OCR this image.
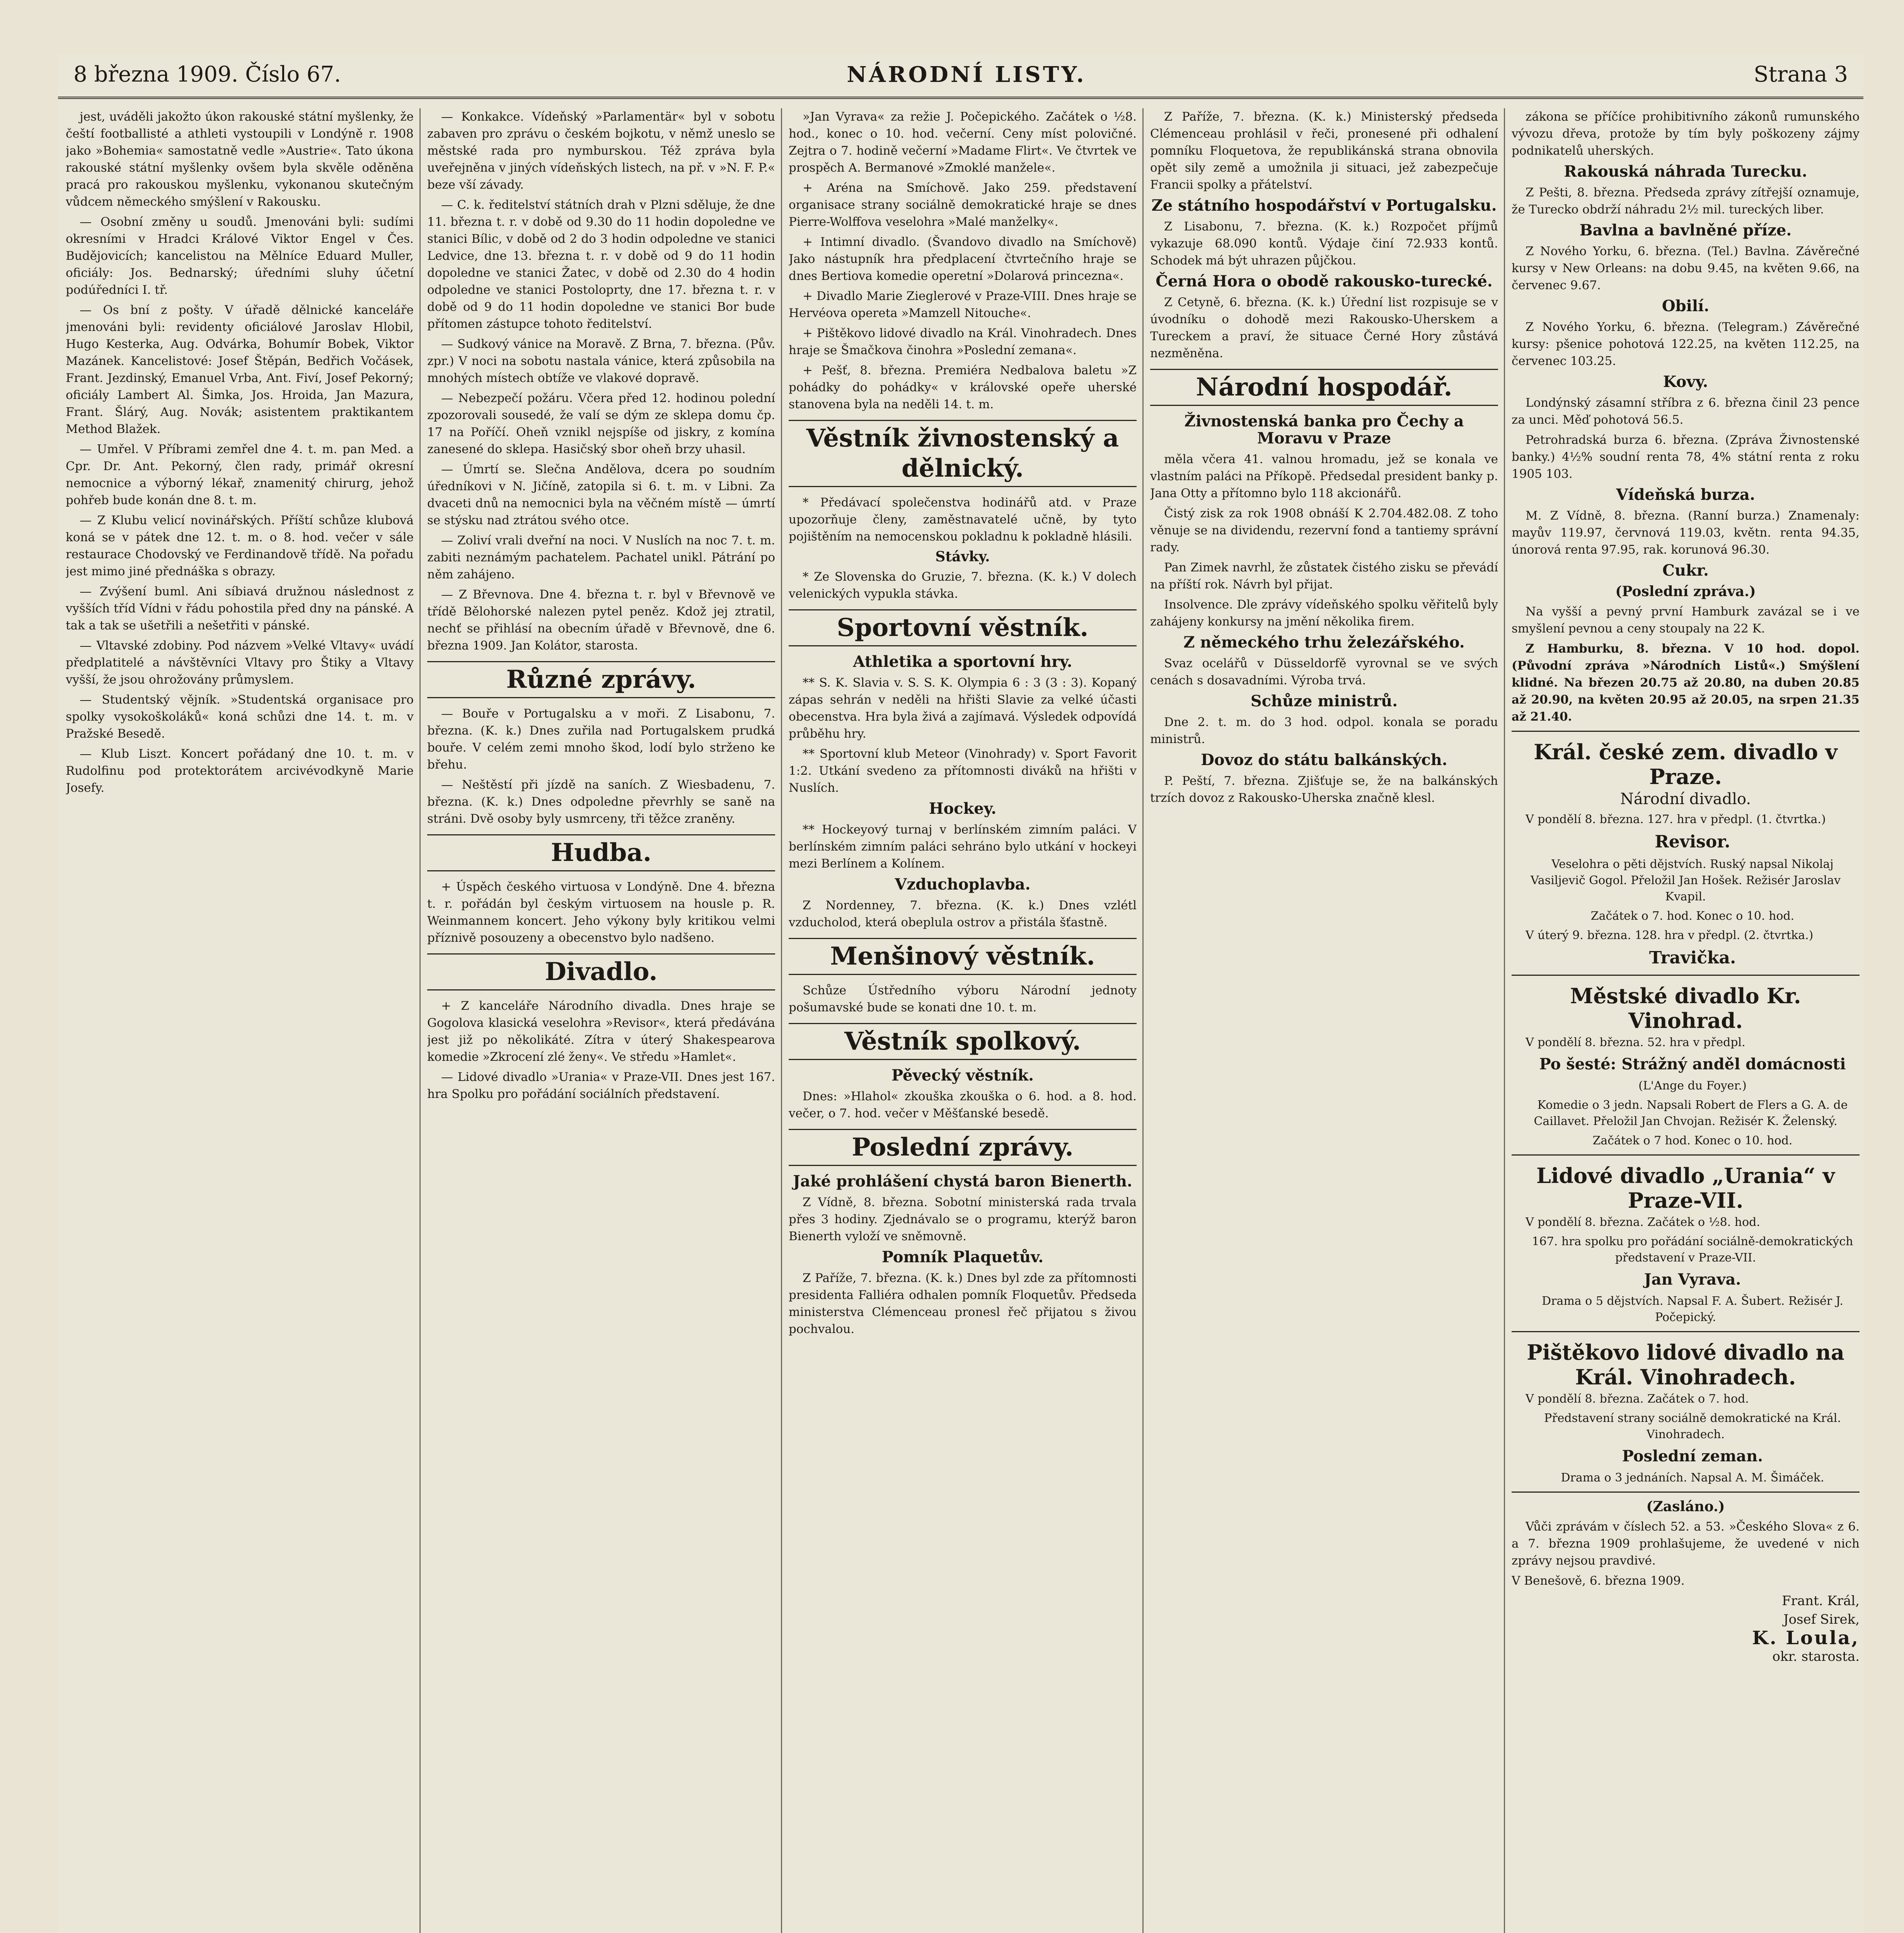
8 března 1909. Číslo 67.	NÁRODNÍ LISTY.	Strana 3

jest, uváděli jakožto úkon rakouské státní myšlenky, že čeští footballisté a athleti vystoupili v Londýně r. 1908 jako »Bohemia« samostatně vedle »Austrie«. Tato úkona rakouské státní myšlenky ovšem byla skvěle oděněna pracá pro rakouskou myšlenku, vykonanou skutečným vůdcem německého smýšlení v Rakousku.

— Osobní změny u soudů. Jmenováni byli: sudími okresními v Hradci Králové Viktor Engel v Čes. Budějovicích; kancelistou na Mělníce Eduard Muller, oficiály: Jos. Bednarský; úředními sluhy účetní podúředníci I. tř.

— Os bní z pošty. V úřadě dělnické kanceláře jmenováni byli: revidenty oficiálové Jaroslav Hlobil, Hugo Kesterka, Aug. Odvárka, Bohumír Bobek, Viktor Mazánek. Kancelistové: Josef Štěpán, Bedřich Vočásek, Frant. Jezdinský, Emanuel Vrba, Ant. Fiví, Josef Pekorný; oficiály Lambert Al. Šimka, Jos. Hroida, Jan Mazura, Frant. Šlárý, Aug. Novák; asistentem praktikantem Method Blažek.

— Umřel. V Příbrami zemřel dne 4. t. m. pan Med. a Cpr. Dr. Ant. Pekorný, člen rady, primář okresní nemocnice a výborný lékař, znamenitý chirurg, jehož pohřeb bude konán dne 8. t. m.

— Z Klubu velicí novinářských. Příští schůze klubová koná se v pátek dne 12. t. m. o 8. hod. večer v sále restaurace Chodovský ve Ferdinandově třídě. Na pořadu jest mimo jiné přednáška s obrazy.

— Zvýšení buml. Ani síbiavá družnou následnost z vyšších tříd Vídni v řádu pohostila před dny na pánské. A tak a tak se ušetřili a nešetřiti v pánské.

— Vltavské zdobiny. Pod názvem »Velké Vltavy« uvádí předplatitelé a návštěvníci Vltavy pro Štiky a Vltavy vyšší, že jsou ohrožovány průmyslem.

— Studentský vějník. »Studentská organisace pro spolky vysokoškoláků« koná schůzi dne 14. t. m. v Pražské Besedě.

— Klub Liszt. Koncert pořádaný dne 10. t. m. v Rudolfinu pod protektorátem arcivévodkyně Marie Josefy.

— Konkakce. Vídeňský »Parlamentär« byl v sobotu zabaven pro zprávu o českém bojkotu, v němž uneslo se městské rada pro nymburskou. Též zpráva byla uveřejněna v jiných vídeňských listech, na př. v »N. F. P.« beze vší závady.

— C. k. ředitelství státních drah v Plzni sděluje, že dne 11. března t. r. v době od 9.30 do 11 hodin dopoledne ve stanici Bílic, v době od 2 do 3 hodin odpoledne ve stanici Ledvice, dne 13. března t. r. v době od 9 do 11 hodin dopoledne ve stanici Žatec, v době od 2.30 do 4 hodin odpoledne ve stanici Postoloprty, dne 17. března t. r. v době od 9 do 11 hodin dopoledne ve stanici Bor bude přítomen zástupce tohoto ředitelství.

— Sudkový vánice na Moravě. Z Brna, 7. března. (Pův. zpr.) V noci na sobotu nastala vánice, která způsobila na mnohých místech obtíže ve vlakové dopravě.

— Nebezpečí požáru. Včera před 12. hodinou polední zpozorovali sousedé, že valí se dým ze sklepa domu čp. 17 na Poříčí. Oheň vznikl nejspíše od jiskry, z komína zanesené do sklepa. Hasičský sbor oheň brzy uhasil.

— Úmrtí se. Slečna Andělova, dcera po soudním úředníkovi v N. Jičíně, zatopila si 6. t. m. v Libni. Za dvaceti dnů na nemocnici byla na věčném místě — úmrtí se stýsku nad ztrátou svého otce.

— Zoliví vrali dveřní na noci. V Nuslích na noc 7. t. m. zabiti neznámým pachatelem. Pachatel unikl. Pátrání po něm zahájeno.

— Z Břevnova. Dne 4. března t. r. byl v Břevnově ve třídě Bělohorské nalezen pytel peněz. Kdož jej ztratil, nechť se přihlásí na obecním úřadě v Břevnově, dne 6. března 1909. Jan Kolátor, starosta.

Různé zprávy.

— Bouře v Portugalsku a v moři. Z Lisabonu, 7. března. (K. k.) Dnes zuřila nad Portugalskem prudká bouře. V celém zemi mnoho škod, lodí bylo strženo ke břehu.

— Neštěstí při jízdě na saních. Z Wiesbadenu, 7. března. (K. k.) Dnes odpoledne převrhly se saně na stráni. Dvě osoby byly usmrceny, tři těžce zraněny.

Hudba.

+ Úspěch českého virtuosa v Londýně. Dne 4. března t. r. pořádán byl českým virtuosem na housle p. R. Weinmannem koncert. Jeho výkony byly kritikou velmi příznivě posouzeny a obecenstvo bylo nadšeno.

Divadlo.

+ Z kanceláře Národního divadla. Dnes hraje se Gogolova klasická veselohra »Revisor«, která předávána jest již po několikáté. Zítra v úterý Shakespearova komedie »Zkrocení zlé ženy«. Ve středu »Hamlet«.

— Lidové divadlo »Urania« v Praze-VII. Dnes jest 167. hra Spolku pro pořádání sociálních představení.

»Jan Vyrava« za režie J. Počepického. Začátek o ½8. hod., konec o 10. hod. večerní. Ceny míst polovičné. Zejtra o 7. hodině večerní »Madame Flirt«. Ve čtvrtek ve prospěch A. Bermanové »Zmoklé manžele«.

+ Aréna na Smíchově. Jako 259. představení organisace strany sociálně demokratické hraje se dnes Pierre-Wolffova veselohra »Malé manželky«.

+ Intimní divadlo. (Švandovo divadlo na Smíchově) Jako nástupník hra předplacení čtvrtečního hraje se dnes Bertiova komedie operetní »Dolarová princezna«.

+ Divadlo Marie Zieglerové v Praze-VIII. Dnes hraje se Hervéova opereta »Mamzell Nitouche«.

+ Pištěkovo lidové divadlo na Král. Vinohradech. Dnes hraje se Šmačkova činohra »Poslední zemana«.

+ Pešť, 8. března. Premiéra Nedbalova baletu »Z pohádky do pohádky« v královské opeře uherské stanovena byla na neděli 14. t. m.

Věstník živnostenský a dělnický.

* Předávací společenstva hodinářů atd. v Praze upozorňuje členy, zaměstnavatelé učně, by tyto pojištěním na nemocenskou pokladnu k pokladně hlásili.

Stávky.

* Ze Slovenska do Gruzie, 7. března. (K. k.) V dolech velenických vypukla stávka.

Sportovní věstník.
Athletika a sportovní hry.

** S. K. Slavia v. S. S. K. Olympia 6 : 3 (3 : 3). Kopaný zápas sehrán v neděli na hřišti Slavie za velké účasti obecenstva. Hra byla živá a zajímavá. Výsledek odpovídá průběhu hry.

** Sportovní klub Meteor (Vinohrady) v. Sport Favorit 1:2. Utkání svedeno za přítomnosti diváků na hřišti v Nuslích.

Hockey.

** Hockeyový turnaj v berlínském zimním paláci. V berlínském zimním paláci sehráno bylo utkání v hockeyi mezi Berlínem a Kolínem.

Vzduchoplavba.

Z Nordenney, 7. března. (K. k.) Dnes vzlétl vzducholod, která obeplula ostrov a přistála šťastně.

Menšinový věstník.

Schůze Ústředního výboru Národní jednoty pošumavské bude se konati dne 10. t. m.

Věstník spolkový.
Pěvecký věstník.

Dnes: »Hlahol« zkouška zkouška o 6. hod. a 8. hod. večer, o 7. hod. večer v Měšťanské besedě.

Poslední zprávy.
Jaké prohlášení chystá baron Bienerth.

Z Vídně, 8. března. Sobotní ministerská rada trvala přes 3 hodiny. Zjednávalo se o programu, kterýž baron Bienerth vyloží ve sněmovně.

Pomník Plaquetův.

Z Paříže, 7. března. (K. k.) Dnes byl zde za přítomnosti presidenta Falliéra odhalen pomník Floquetův. Předseda ministerstva Clémenceau pronesl řeč přijatou s živou pochvalou.

Z Paříže, 7. března. (K. k.) Ministerský předseda Clémenceau prohlásil v řeči, pronesené při odhalení pomníku Floquetova, že republikánská strana obnovila opět sily země a umožnila ji situaci, jež zabezpečuje Francii spolky a přátelství.

Ze státního hospodářství v Portugalsku.

Z Lisabonu, 7. března. (K. k.) Rozpočet příjmů vykazuje 68.090 kontů. Výdaje činí 72.933 kontů. Schodek má být uhrazen půjčkou.

Černá Hora o obodě rakousko-turecké.

Z Cetyně, 6. března. (K. k.) Úřední list rozpisuje se v úvodníku o dohodě mezi Rakousko-Uherskem a Tureckem a praví, že situace Černé Hory zůstává nezměněna.

Národní hospodář.
Živnostenská banka pro Čechy a Moravu v Praze

měla včera 41. valnou hromadu, jež se konala ve vlastním paláci na Příkopě. Předsedal president banky p. Jana Otty a přítomno bylo 118 akcionářů.

Čistý zisk za rok 1908 obnáší K 2.704.482.08. Z toho věnuje se na dividendu, rezervní fond a tantiemy správní rady.

Pan Zimek navrhl, že zůstatek čistého zisku se převádí na příští rok. Návrh byl přijat.

Insolvence. Dle zprávy vídeňského spolku věřitelů byly zahájeny konkursy na jmění několika firem.

Z německého trhu železářského.

Svaz ocelářů v Düsseldorfě vyrovnal se ve svých cenách s dosavadními. Výroba trvá.

Schůze ministrů.

Dne 2. t. m. do 3 hod. odpol. konala se poradu ministrů.

Dovoz do státu balkánských.

P. Peští, 7. března. Zjišťuje se, že na balkánských trzích dovoz z Rakousko-Uherska značně klesl.

zákona se příčíce prohibitivního zákonů rumunského vývozu dřeva, protože by tím byly poškozeny zájmy podnikatelů uherských.

Rakouská náhrada Turecku.

Z Pešti, 8. března. Předseda zprávy zítřejší oznamuje, že Turecko obdrží náhradu 2½ mil. tureckých liber.

Bavlna a bavlněné příze.

Z Nového Yorku, 6. března. (Tel.) Bavlna. Závěrečné kursy v New Orleans: na dobu 9.45, na květen 9.66, na červenec 9.67.

Obilí.

Z Nového Yorku, 6. března. (Telegram.) Závěrečné kursy: pšenice pohotová 122.25, na květen 112.25, na červenec 103.25.

Kovy.

Londýnský zásamní stříbra z 6. března činil 23 pence za unci. Měď pohotová 56.5.

Petrohradská burza 6. března. (Zpráva Živnostenské banky.) 4½% soudní renta 78, 4% státní renta z roku 1905 103.

Vídeňská burza.

M. Z Vídně, 8. března. (Ranní burza.) Znamenaly: mayův 119.97, červnová 119.03, květn. renta 94.35, únorová renta 97.95, rak. korunová 96.30.

Cukr.
(Poslední zpráva.)

Na vyšší a pevný první Hamburk zavázal se i ve smyšlení pevnou a ceny stoupaly na 22 K.

Z Hamburku, 8. března. V 10 hod. dopol. (Původní zpráva »Národních Listů«.) Smýšlení klidné. Na březen 20.75 až 20.80, na duben 20.85 až 20.90, na květen 20.95 až 20.05, na srpen 21.35 až 21.40.

Král. české zem. divadlo v Praze.
Národní divadlo.

V pondělí 8. března. 127. hra v předpl. (1. čtvrtka.)

Revisor.

Veselohra o pěti dějstvích. Ruský napsal Nikolaj Vasiljevič Gogol. Přeložil Jan Hošek. Režisér Jaroslav Kvapil.

Začátek o 7. hod. Konec o 10. hod.

V úterý 9. března. 128. hra v předpl. (2. čtvrtka.)

Travička.

Městské divadlo Kr. Vinohrad.

V pondělí 8. března. 52. hra v předpl.

Po šesté: Strážný anděl domácnosti

(L'Ange du Foyer.)

Komedie o 3 jedn. Napsali Robert de Flers a G. A. de Caillavet. Přeložil Jan Chvojan. Režisér K. Želenský.

Začátek o 7 hod. Konec o 10. hod.

Lidové divadlo „Urania“ v Praze-VII.

V pondělí 8. března. Začátek o ½8. hod.

167. hra spolku pro pořádání sociálně-demokratických představení v Praze-VII.

Jan Vyrava.

Drama o 5 dějstvích. Napsal F. A. Šubert. Režisér J. Počepický.

Pištěkovo lidové divadlo na Král. Vinohradech.

V pondělí 8. března. Začátek o 7. hod.

Představení strany sociálně demokratické na Král. Vinohradech.

Poslední zeman.

Drama o 3 jednáních. Napsal A. M. Šimáček.

(Zasláno.)

Vůči zprávám v číslech 52. a 53. »Českého Slova« z 6. a 7. března 1909 prohlašujeme, že uvedené v nich zprávy nejsou pravdivé.

V Benešově, 6. března 1909.

Frant. Král,
Josef Sirek,
K. Loula,
okr. starosta.
